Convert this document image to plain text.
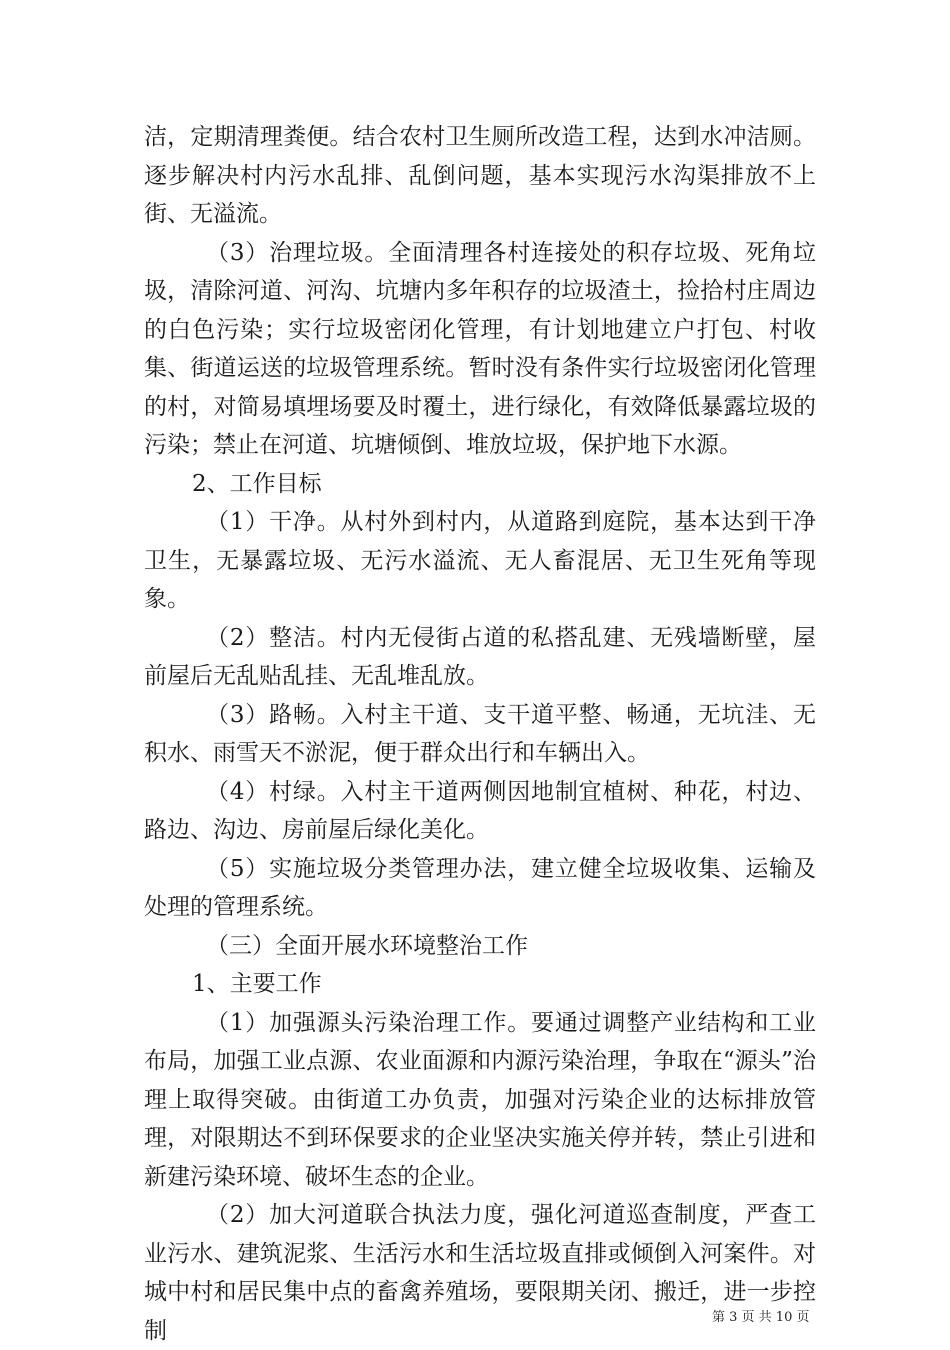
洁，定期清理粪便。结合农村卫生厕所改造工程，达到水冲洁厕。逐步解决村内污水乱排、乱倒问题，基本实现污水沟渠排放不上街、无溢流。

（3）治理垃圾。全面清理各村连接处的积存垃圾、死角垃圾，清除河道、河沟、坑塘内多年积存的垃圾渣土，捡拾村庄周边的白色污染；实行垃圾密闭化管理，有计划地建立户打包、村收集、街道运送的垃圾管理系统。暂时没有条件实行垃圾密闭化管理的村，对简易填埋场要及时覆土，进行绿化，有效降低暴露垃圾的污染；禁止在河道、坑塘倾倒、堆放垃圾，保护地下水源。

2、工作目标

（1）干净。从村外到村内，从道路到庭院，基本达到干净卫生，无暴露垃圾、无污水溢流、无人畜混居、无卫生死角等现象。

（2）整洁。村内无侵街占道的私搭乱建、无残墙断壁，屋前屋后无乱贴乱挂、无乱堆乱放。

（3）路畅。入村主干道、支干道平整、畅通，无坑洼、无积水、雨雪天不淤泥，便于群众出行和车辆出入。

（4）村绿。入村主干道两侧因地制宜植树、种花，村边、路边、沟边、房前屋后绿化美化。

（5）实施垃圾分类管理办法，建立健全垃圾收集、运输及处理的管理系统。

（三）全面开展水环境整治工作

1、主要工作

（1）加强源头污染治理工作。要通过调整产业结构和工业布局，加强工业点源、农业面源和内源污染治理，争取在“源头”治理上取得突破。由街道工办负责，加强对污染企业的达标排放管理，对限期达不到环保要求的企业坚决实施关停并转，禁止引进和新建污染环境、破坏生态的企业。

（2）加大河道联合执法力度，强化河道巡查制度，严查工业污水、建筑泥浆、生活污水和生活垃圾直排或倾倒入河案件。对城中村和居民集中点的畜禽养殖场，要限期关闭、搬迁，进一步控制	第 3 页 共 10 页
